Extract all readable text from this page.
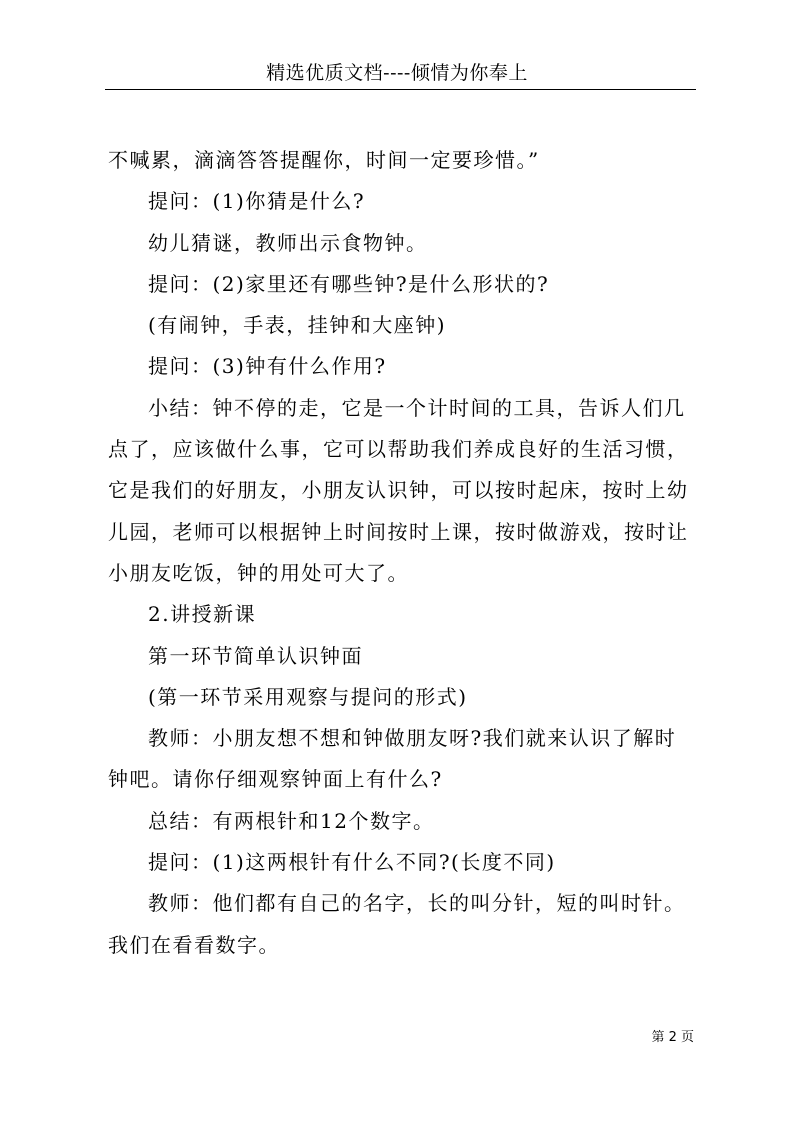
精选优质文档----倾情为你奉上

不喊累，滴滴答答提醒你，时间一定要珍惜。”

提问：(1)你猜是什么?

幼儿猜谜，教师出示食物钟。

提问：(2)家里还有哪些钟?是什么形状的?

(有闹钟，手表，挂钟和大座钟)

提问：(3)钟有什么作用?

小结：钟不停的走，它是一个计时间的工具，告诉人们几点了，应该做什么事，它可以帮助我们养成良好的生活习惯，它是我们的好朋友，小朋友认识钟，可以按时起床，按时上幼儿园，老师可以根据钟上时间按时上课，按时做游戏，按时让小朋友吃饭，钟的用处可大了。

2.讲授新课

第一环节简单认识钟面

(第一环节采用观察与提问的形式)

教师：小朋友想不想和钟做朋友呀?我们就来认识了解时钟吧。请你仔细观察钟面上有什么?

总结：有两根针和12个数字。

提问：(1)这两根针有什么不同?(长度不同)

教师：他们都有自己的名字，长的叫分针，短的叫时针。我们在看看数字。

第 2 页
